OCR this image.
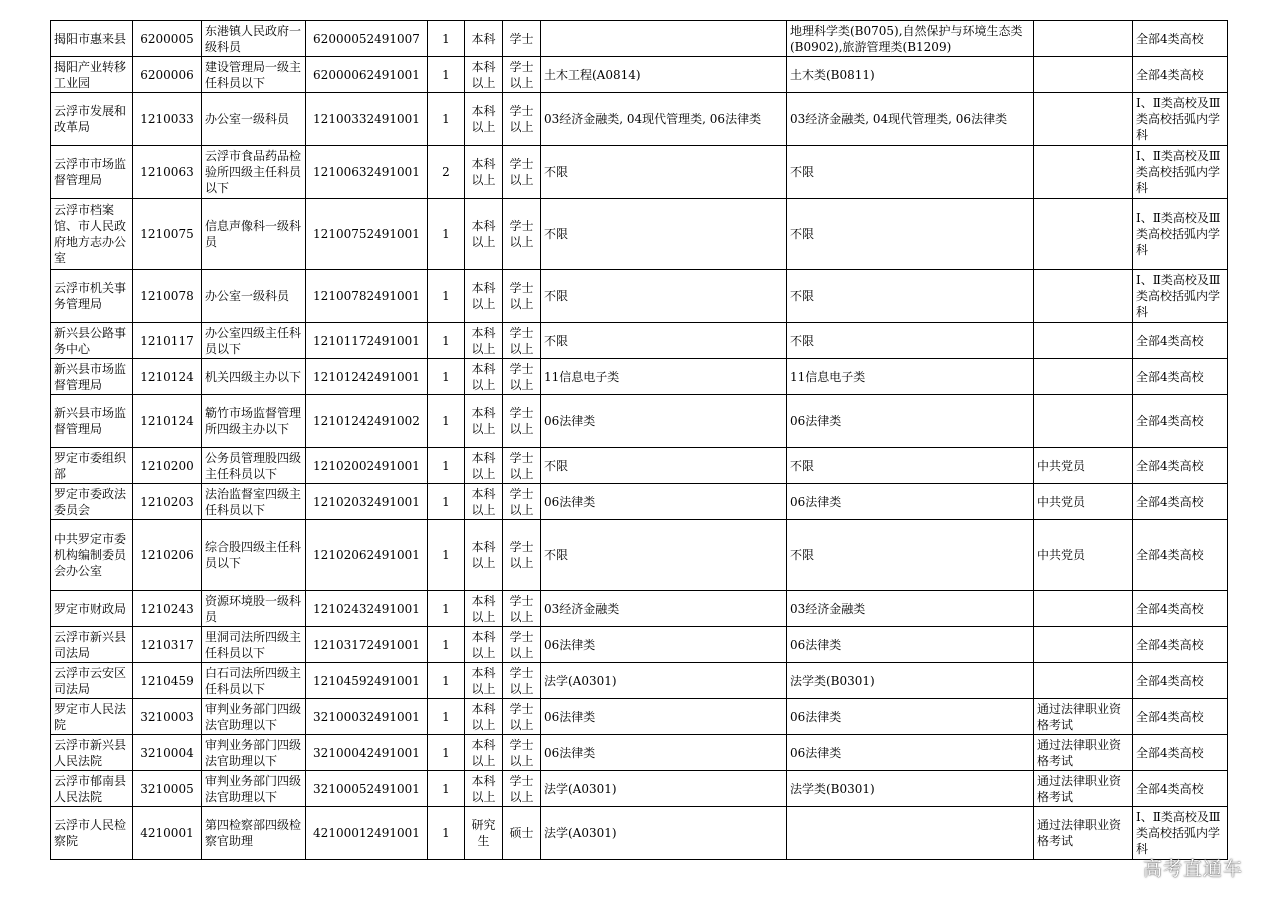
揭阳市惠来县	6200005	东港镇人民政府一级科员	62000052491007	1	本科	学士		地理科学类(B0705),自然保护与环境生态类(B0902),旅游管理类(B1209)		全部4类高校
揭阳产业转移工业园	6200006	建设管理局一级主任科员以下	62000062491001	1	本科以上	学士以上	土木工程(A0814)	土木类(B0811)		全部4类高校
云浮市发展和改革局	1210033	办公室一级科员	12100332491001	1	本科以上	学士以上	03经济金融类, 04现代管理类, 06法律类	03经济金融类, 04现代管理类, 06法律类		Ⅰ、Ⅱ类高校及Ⅲ类高校括弧内学科
云浮市市场监督管理局	1210063	云浮市食品药品检验所四级主任科员以下	12100632491001	2	本科以上	学士以上	不限	不限		Ⅰ、Ⅱ类高校及Ⅲ类高校括弧内学科
云浮市档案馆、市人民政府地方志办公室	1210075	信息声像科一级科员	12100752491001	1	本科以上	学士以上	不限	不限		Ⅰ、Ⅱ类高校及Ⅲ类高校括弧内学科
云浮市机关事务管理局	1210078	办公室一级科员	12100782491001	1	本科以上	学士以上	不限	不限		Ⅰ、Ⅱ类高校及Ⅲ类高校括弧内学科
新兴县公路事务中心	1210117	办公室四级主任科员以下	12101172491001	1	本科以上	学士以上	不限	不限		全部4类高校
新兴县市场监督管理局	1210124	机关四级主办以下	12101242491001	1	本科以上	学士以上	11信息电子类	11信息电子类		全部4类高校
新兴县市场监督管理局	1210124	簕竹市场监督管理所四级主办以下	12101242491002	1	本科以上	学士以上	06法律类	06法律类		全部4类高校
罗定市委组织部	1210200	公务员管理股四级主任科员以下	12102002491001	1	本科以上	学士以上	不限	不限	中共党员	全部4类高校
罗定市委政法委员会	1210203	法治监督室四级主任科员以下	12102032491001	1	本科以上	学士以上	06法律类	06法律类	中共党员	全部4类高校
中共罗定市委机构编制委员会办公室	1210206	综合股四级主任科员以下	12102062491001	1	本科以上	学士以上	不限	不限	中共党员	全部4类高校
罗定市财政局	1210243	资源环境股一级科员	12102432491001	1	本科以上	学士以上	03经济金融类	03经济金融类		全部4类高校
云浮市新兴县司法局	1210317	里洞司法所四级主任科员以下	12103172491001	1	本科以上	学士以上	06法律类	06法律类		全部4类高校
云浮市云安区司法局	1210459	白石司法所四级主任科员以下	12104592491001	1	本科以上	学士以上	法学(A0301)	法学类(B0301)		全部4类高校
罗定市人民法院	3210003	审判业务部门四级法官助理以下	32100032491001	1	本科以上	学士以上	06法律类	06法律类	通过法律职业资格考试	全部4类高校
云浮市新兴县人民法院	3210004	审判业务部门四级法官助理以下	32100042491001	1	本科以上	学士以上	06法律类	06法律类	通过法律职业资格考试	全部4类高校
云浮市郁南县人民法院	3210005	审判业务部门四级法官助理以下	32100052491001	1	本科以上	学士以上	法学(A0301)	法学类(B0301)	通过法律职业资格考试	全部4类高校
云浮市人民检察院	4210001	第四检察部四级检察官助理	42100012491001	1	研究生	硕士	法学(A0301)		通过法律职业资格考试	Ⅰ、Ⅱ类高校及Ⅲ类高校括弧内学科
高考直通车
